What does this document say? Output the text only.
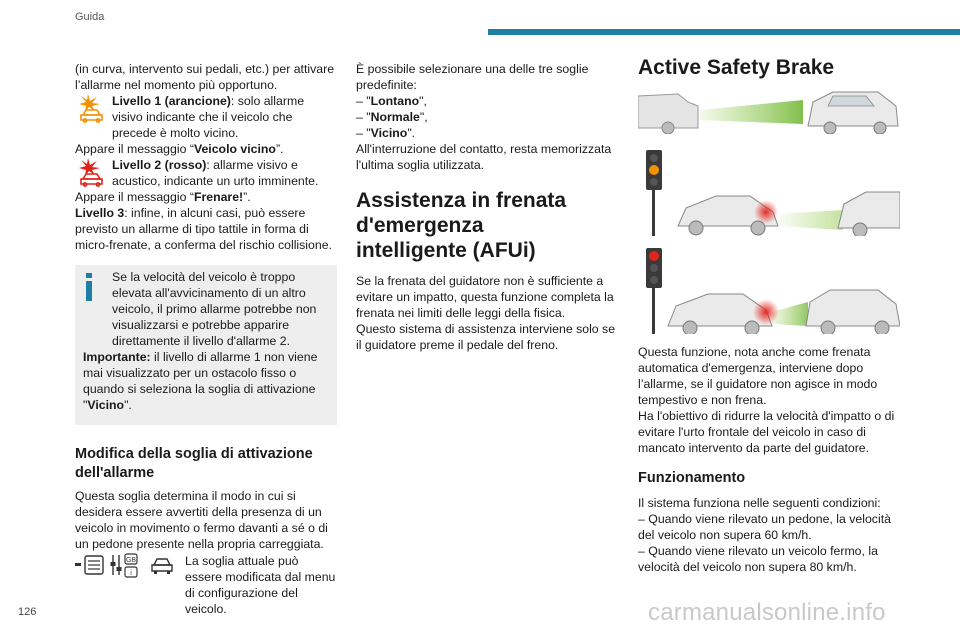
Guida
126	carmanualsonline.info

(in curva, intervento sui pedali, etc.) per attivare l’allarme nel momento più opportuno.

Livello 1 (arancione): solo allarme visivo indicante che il veicolo che precede è molto vicino.

Appare il messaggio “Veicolo vicino”.

Livello 2 (rosso): allarme visivo e acustico, indicante un urto imminente.

Appare il messaggio “Frenare!”.

Livello 3: infine, in alcuni casi, può essere previsto un allarme di tipo tattile in forma di micro-frenate, a conferma del rischio collisione.

Se la velocità del veicolo è troppo elevata all'avvicinamento di un altro veicolo, il primo allarme potrebbe non visualizzarsi e potrebbe apparire direttamente il livello d'allarme 2.

Importante: il livello di allarme 1 non viene mai visualizzato per un ostacolo fisso o quando si seleziona la soglia di attivazione "Vicino".

Modifica della soglia di attivazione dell'allarme

Questa soglia determina il modo in cui si desidera essere avvertiti della presenza di un veicolo in movimento o fermo davanti a sé o di un pedone presente nella propria carreggiata.

GB
i

La soglia attuale può essere modificata dal menu di configurazione del veicolo.

È possibile selezionare una delle tre soglie predefinite:

– "Lontano",

– "Normale",

– "Vicino".

All'interruzione del contatto, resta memorizzata l'ultima soglia utilizzata.

Assistenza in frenata d'emergenza intelligente (AFUi)

Se la frenata del guidatore non è sufficiente a evitare un impatto, questa funzione completa la frenata nei limiti delle leggi della fisica.

Questo sistema di assistenza interviene solo se il guidatore preme il pedale del freno.

Active Safety Brake

Questa funzione, nota anche come frenata automatica d'emergenza, interviene dopo l’allarme, se il guidatore non agisce in modo tempestivo e non frena.

Ha l'obiettivo di ridurre la velocità d'impatto o di evitare l'urto frontale del veicolo in caso di mancato intervento da parte del guidatore.

Funzionamento

Il sistema funziona nelle seguenti condizioni:

– Quando viene rilevato un pedone, la velocità del veicolo non supera 60 km/h.

– Quando viene rilevato un veicolo fermo, la velocità del veicolo non supera 80 km/h.
